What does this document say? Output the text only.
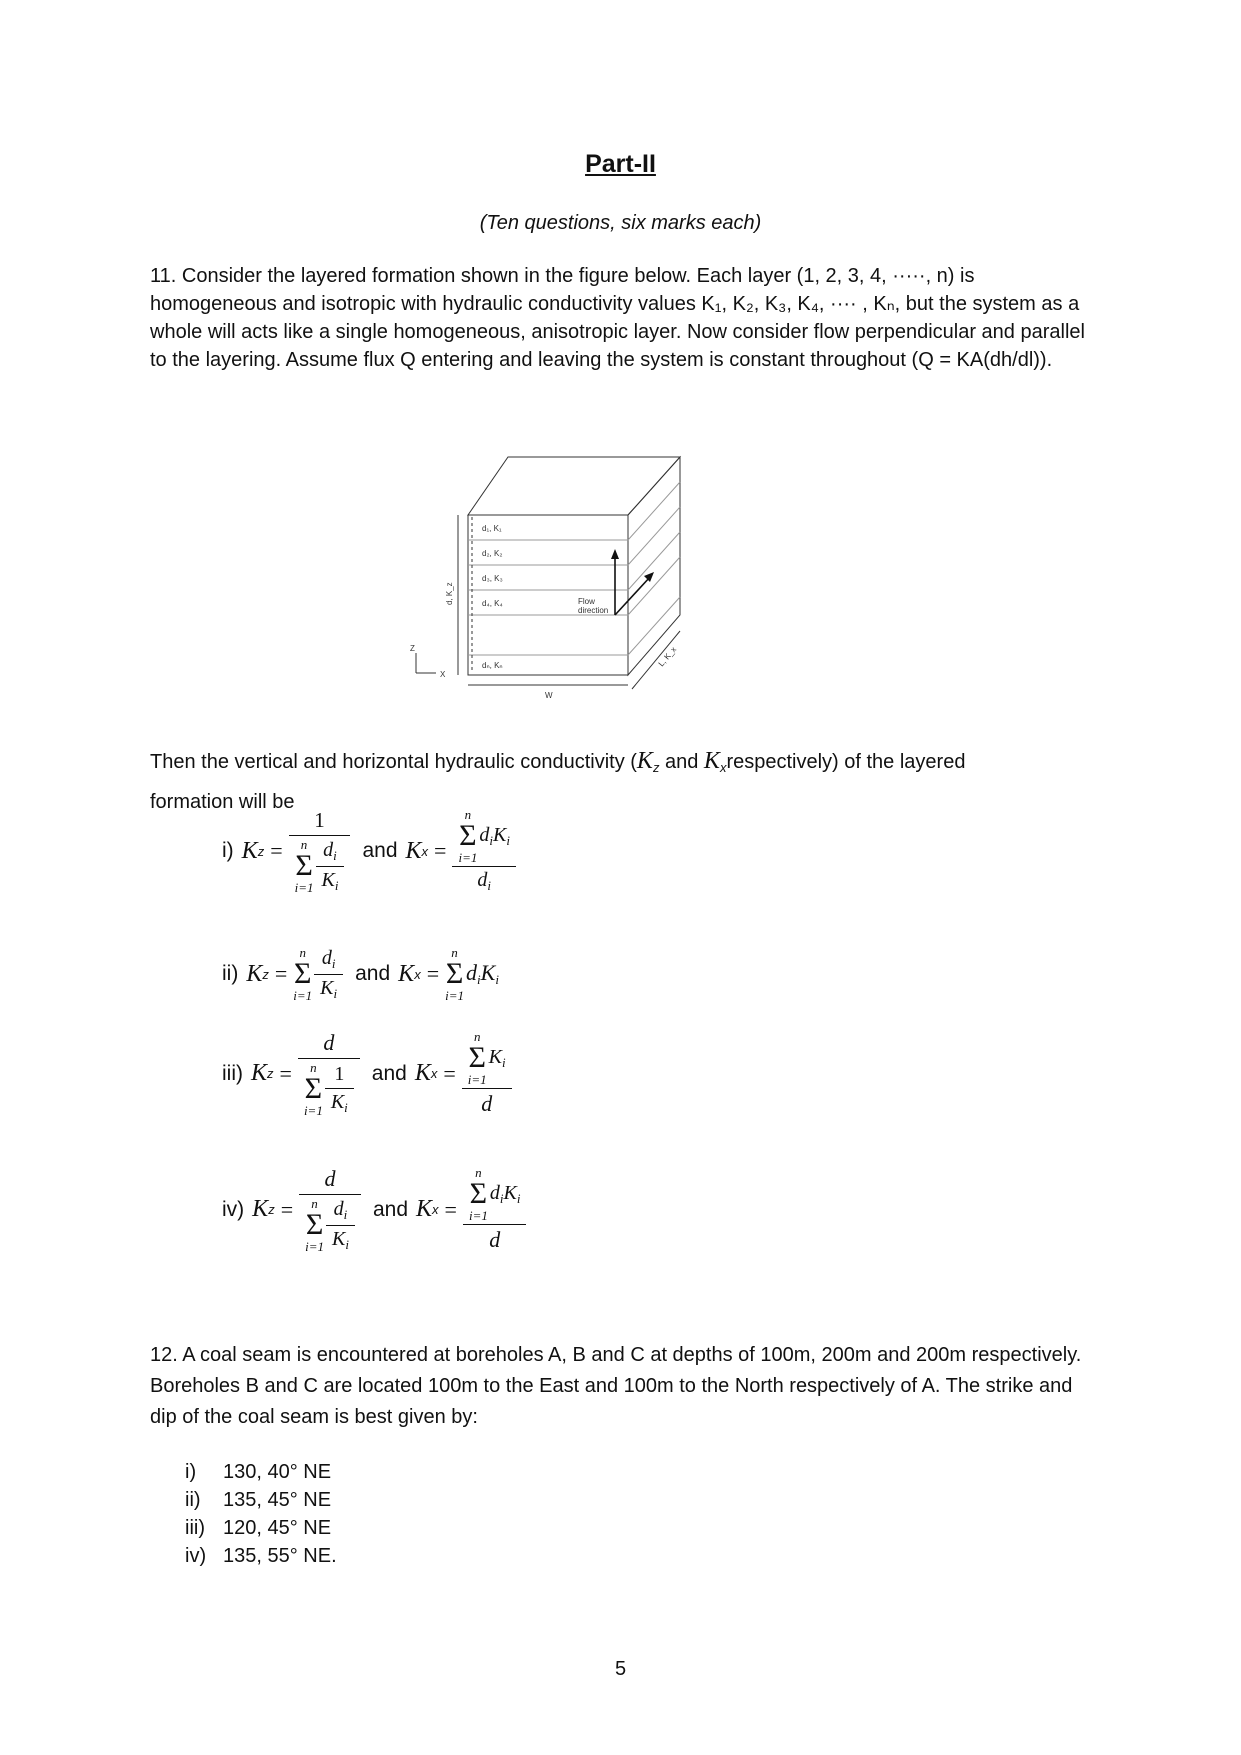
Part-II
(Ten questions, six marks each)
11. Consider the layered formation shown in the figure below. Each layer (1, 2, 3, 4, ·····, n) is homogeneous and isotropic with hydraulic conductivity values K₁, K₂, K₃, K₄, ···· , Kₙ, but the system as a whole will acts like a single homogeneous, anisotropic layer. Now consider flow perpendicular and parallel to the layering. Assume flux Q entering and leaving the system is constant throughout (Q = KA(dh/dl)).
d₁, K₁
d₂, K₂
d₃, K₃
d₄, K₄
dₙ, Kₙ
Flow
direction
W
Z
X
d, K_z
L, K_x
Then the vertical and horizontal hydraulic conductivity ($K_z$ and $K_xrespectively$) of the layered
formation will be
i) K z = 1
n
Σ
$i=1 \frac{d_i}{K_i}$ and K x = n
Σ
i=1
$d_iK_i$
$d_i$
ii) K z =
n
Σ
$i=1 \frac{d_i}{K_i}$ and K x =
n
Σ
i=1
$d_iK_i$
iii) K z = d
n
Σ
$i=1 \frac{1}{K_i}$ and K x = n
Σ
i=1
$K_i$
d
iv) K z = d
n
Σ
$i=1 \frac{d_i}{K_i}$ and K x = n
Σ
i=1
$d_iK_i$
d
12. A coal seam is encountered at boreholes A, B and C at depths of 100m, 200m and 200m respectively. Boreholes B and C are located 100m to the East and 100m to the North respectively of A. The strike and dip of the coal seam is best given by:
i)	130, 40° NE
ii)	135, 45° NE
iii) 120, 45° NE
iv) 135, 55° NE.
5
